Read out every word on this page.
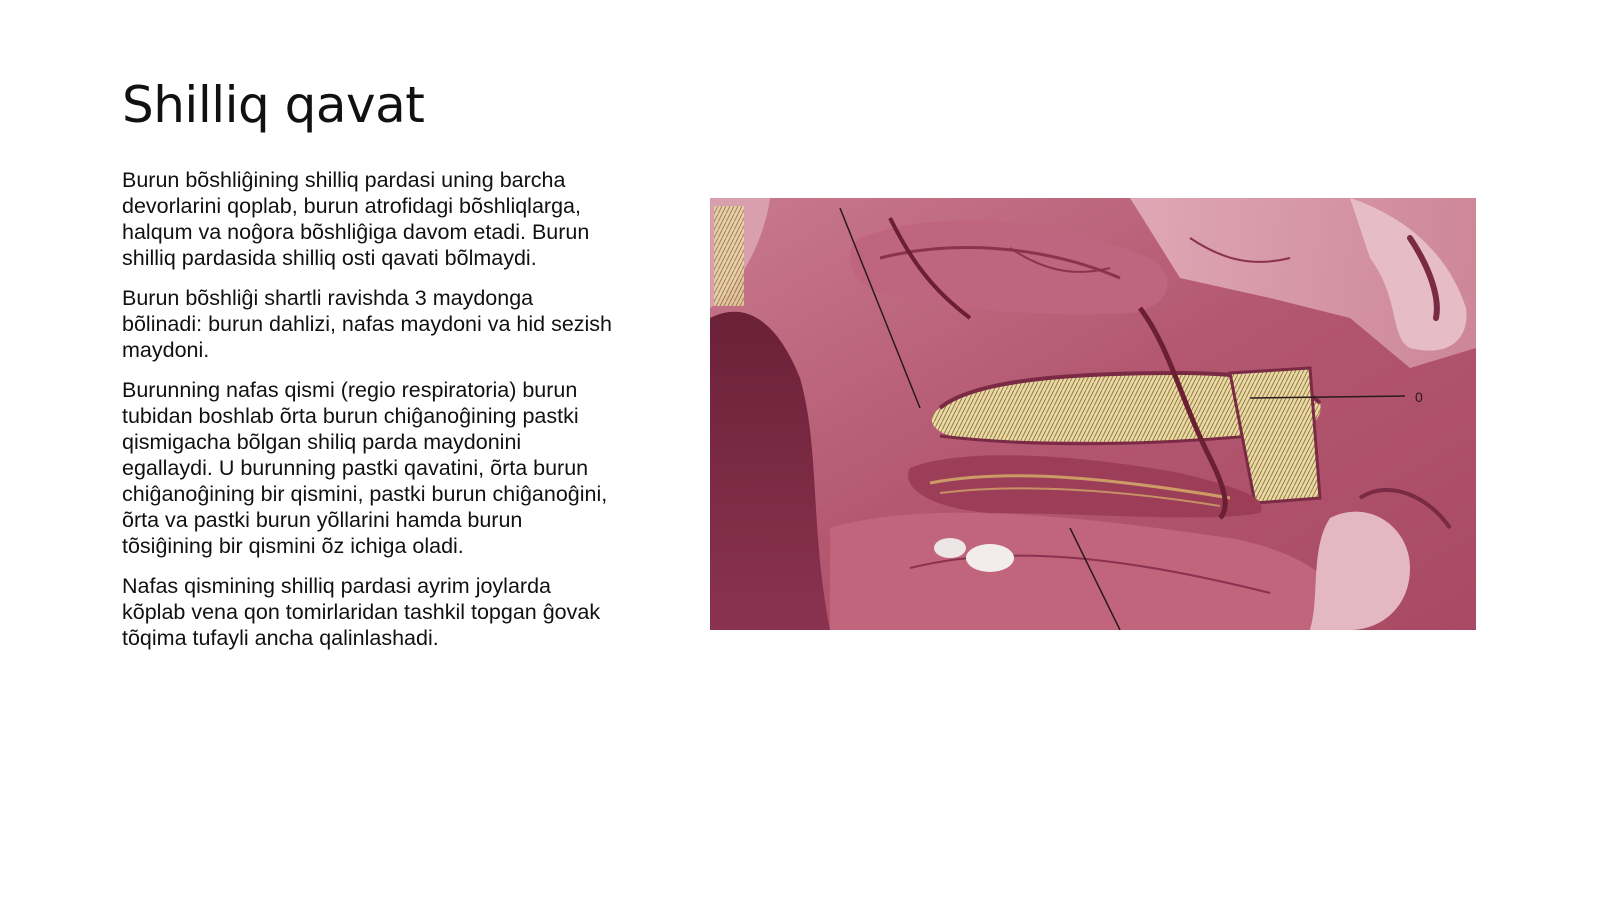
Shilliq qavat

Burun bõshliĝining shilliq pardasi uning barcha devorlarini qoplab, burun atrofidagi bõshliqlarga, halqum va noĝora bõshliĝiga davom etadi. Burun shilliq pardasida shilliq osti qavati bõlmaydi.

Burun bõshliĝi shartli ravishda 3 maydonga bõlinadi: burun dahlizi, nafas maydoni va hid sezish maydoni.

Burunning nafas qismi (regio respiratoria) burun tubidan boshlab õrta burun chiĝanoĝining pastki qismigacha bõlgan shiliq parda maydonini egallaydi. U burunning pastki qavatini, õrta burun chiĝanoĝining bir qismini, pastki burun chiĝanoĝini, õrta va pastki burun yõllarini hamda burun tõsiĝining bir qismini õz ichiga oladi.

Nafas qismining shilliq pardasi ayrim joylarda kõplab vena qon tomirlaridan tashkil topgan ĝovak tõqima tufayli ancha qalinlashadi.

0
